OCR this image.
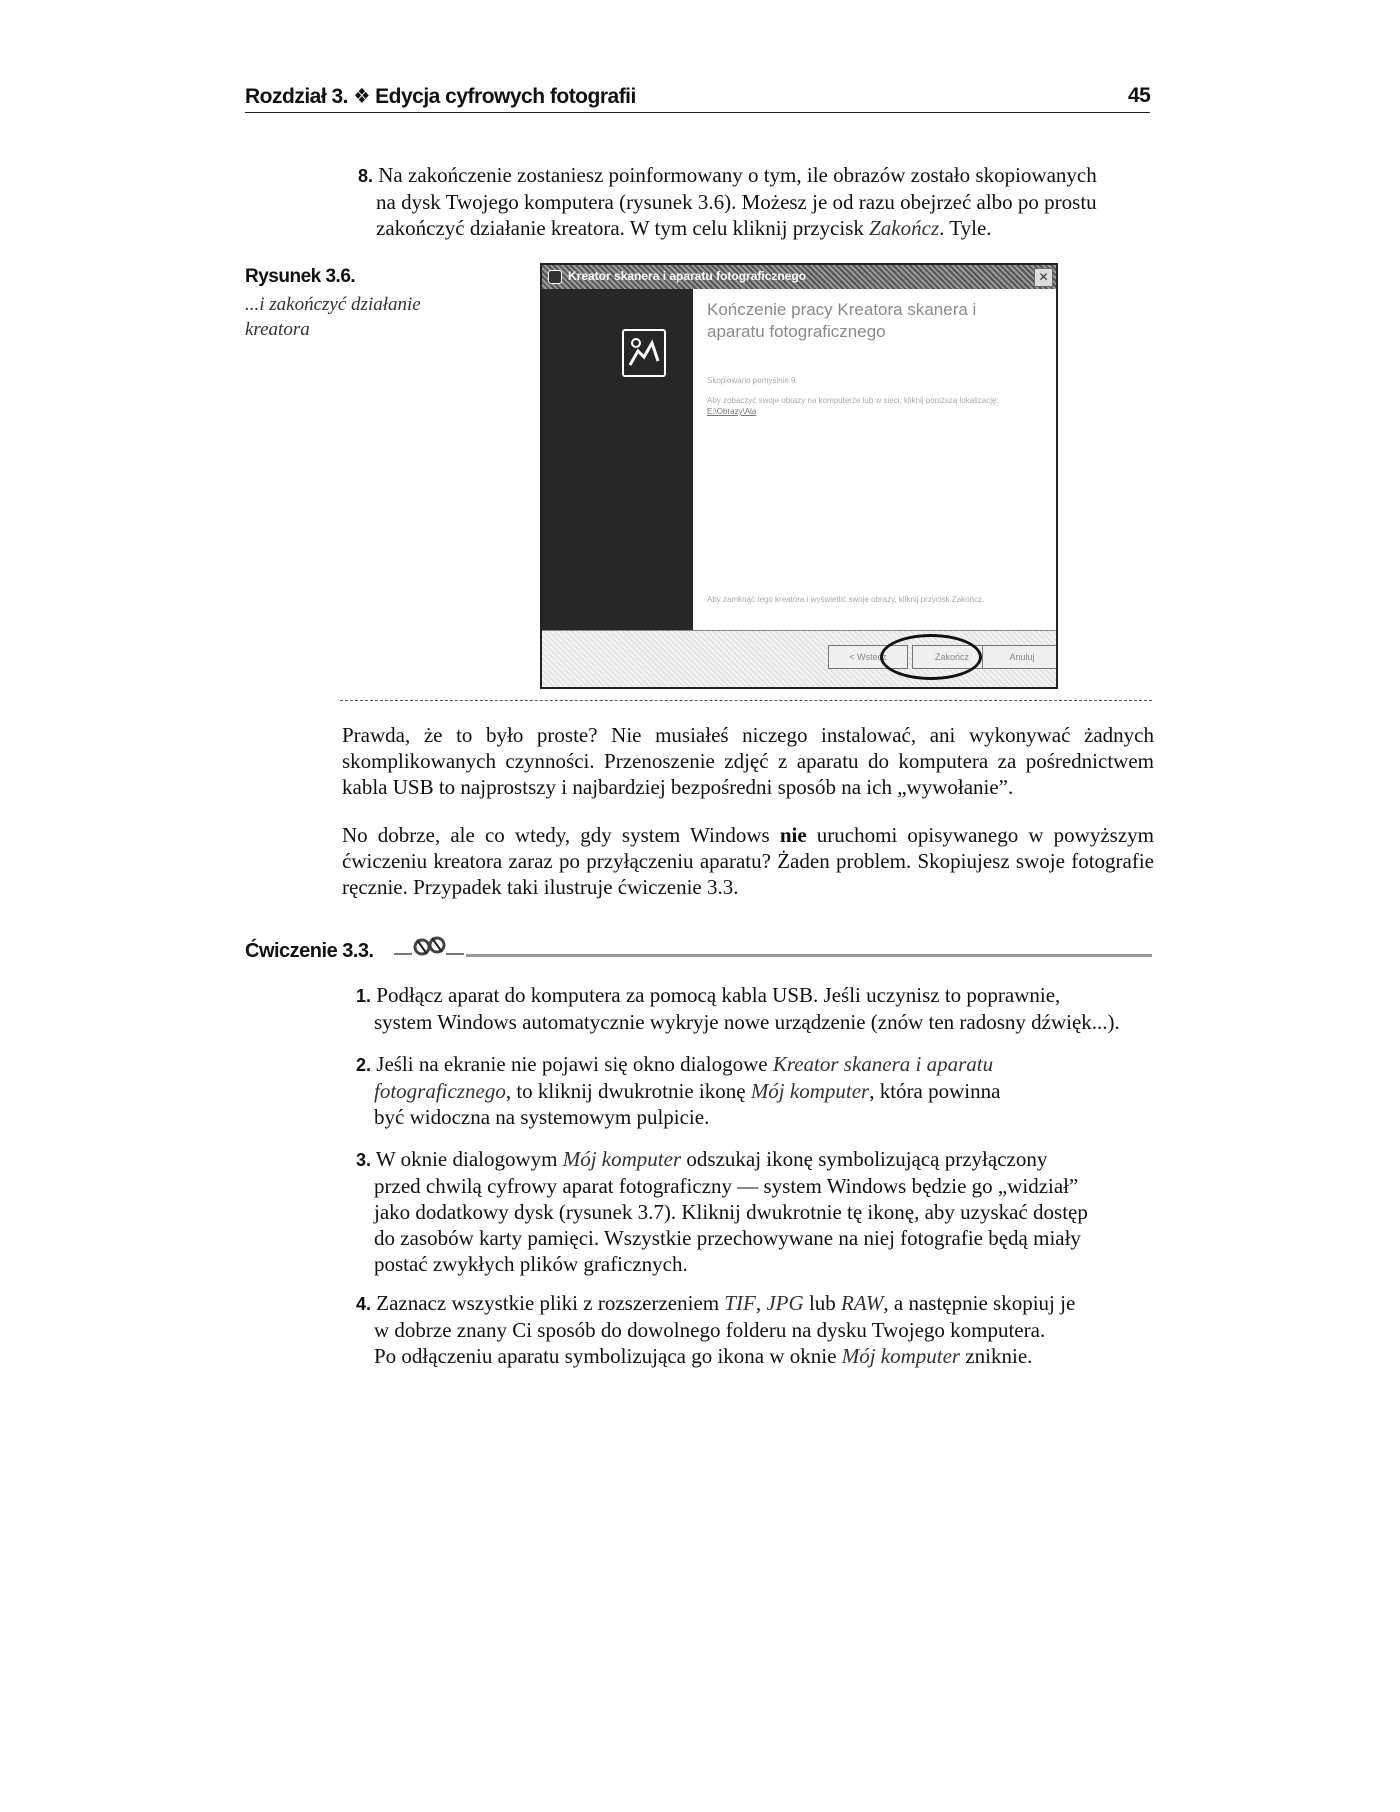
Rozdział 3. ❖ Edycja cyfrowych fotografii	45
8. Na zakończenie zostaniesz poinformowany o tym, ile obrazów zostało skopiowanych
na dysk Twojego komputera (rysunek 3.6). Możesz je od razu obejrzeć albo po prostu
zakończyć działanie kreatora. W tym celu kliknij przycisk Zakończ. Tyle.
Rysunek 3.6.
...i zakończyć działanie kreatora
Kreator skanera i aparatu fotograficznego	✕
Kończenie pracy Kreatora skanera i aparatu fotograficznego
Skopiowano pomyślnie 9.
Aby zobaczyć swoje obrazy na komputerze lub w sieci, kliknij poniższą lokalizację:
E:\Obrazy\Ala
Aby zamknąć tego kreatora i wyświetlić swoje obrazy, kliknij przycisk Zakończ.
< Wstecz	Zakończ	Anuluj
Prawda, że to było proste? Nie musiałeś niczego instalować, ani wykonywać żadnych skomplikowanych czynności. Przenoszenie zdjęć z aparatu do komputera za pośrednictwem kabla USB to najprostszy i najbardziej bezpośredni sposób na ich „wywołanie”.
No dobrze, ale co wtedy, gdy system Windows nie uruchomi opisywanego w powyższym ćwiczeniu kreatora zaraz po przyłączeniu aparatu? Żaden problem. Skopiujesz swoje fotografie ręcznie. Przypadek taki ilustruje ćwiczenie 3.3.
Ćwiczenie 3.3.
1. Podłącz aparat do komputera za pomocą kabla USB. Jeśli uczynisz to poprawnie,
system Windows automatycznie wykryje nowe urządzenie (znów ten radosny dźwięk...).
2. Jeśli na ekranie nie pojawi się okno dialogowe Kreator skanera i aparatu
fotograficznego, to kliknij dwukrotnie ikonę Mój komputer, która powinna
być widoczna na systemowym pulpicie.
3. W oknie dialogowym Mój komputer odszukaj ikonę symbolizującą przyłączony
przed chwilą cyfrowy aparat fotograficzny — system Windows będzie go „widział”
jako dodatkowy dysk (rysunek 3.7). Kliknij dwukrotnie tę ikonę, aby uzyskać dostęp
do zasobów karty pamięci. Wszystkie przechowywane na niej fotografie będą miały
postać zwykłych plików graficznych.
4. Zaznacz wszystkie pliki z rozszerzeniem TIF, JPG lub RAW, a następnie skopiuj je
w dobrze znany Ci sposób do dowolnego folderu na dysku Twojego komputera.
Po odłączeniu aparatu symbolizująca go ikona w oknie Mój komputer zniknie.
